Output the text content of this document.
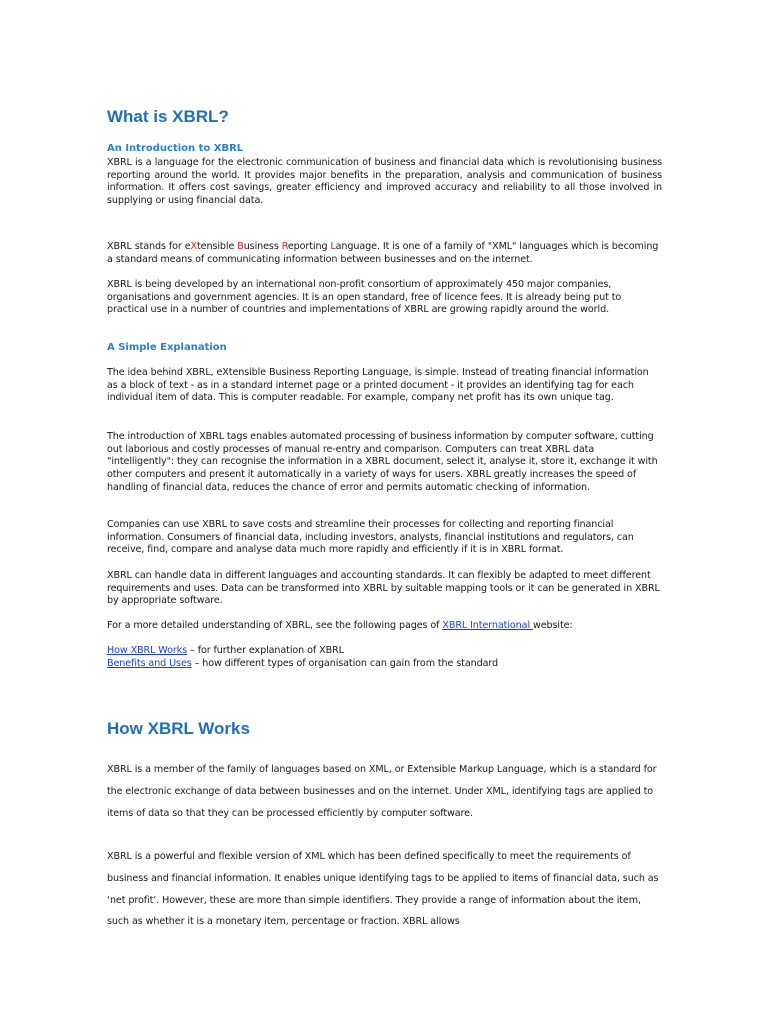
What is XBRL?
An Introduction to XBRL

XBRL is a language for the electronic communication of business and financial data which is revolutionising business reporting around the world. It provides major benefits in the preparation, analysis and communication of business information. It offers cost savings, greater efficiency and improved accuracy and reliability to all those involved in supplying or using financial data.

XBRL stands for eXtensible Business Reporting Language. It is one of a family of "XML" languages which is becoming a standard means of communicating information between businesses and on the internet.

XBRL is being developed by an international non-profit consortium of approximately 450 major companies, organisations and government agencies. It is an open standard, free of licence fees. It is already being put to practical use in a number of countries and implementations of XBRL are growing rapidly around the world.

A Simple Explanation

The idea behind XBRL, eXtensible Business Reporting Language, is simple. Instead of treating financial information as a block of text - as in a standard internet page or a printed document - it provides an identifying tag for each individual item of data. This is computer readable. For example, company net profit has its own unique tag.

The introduction of XBRL tags enables automated processing of business information by computer software, cutting out laborious and costly processes of manual re-entry and comparison. Computers can treat XBRL data "intelligently": they can recognise the information in a XBRL document, select it, analyse it, store it, exchange it with other computers and present it automatically in a variety of ways for users. XBRL greatly increases the speed of handling of financial data, reduces the chance of error and permits automatic checking of information.

Companies can use XBRL to save costs and streamline their processes for collecting and reporting financial information. Consumers of financial data, including investors, analysts, financial institutions and regulators, can receive, find, compare and analyse data much more rapidly and efficiently if it is in XBRL format.

XBRL can handle data in different languages and accounting standards. It can flexibly be adapted to meet different requirements and uses. Data can be transformed into XBRL by suitable mapping tools or it can be generated in XBRL by appropriate software.

For a more detailed understanding of XBRL, see the following pages of XBRL International website:

How XBRL Works – for further explanation of XBRL

Benefits and Uses – how different types of organisation can gain from the standard

How XBRL Works

XBRL is a member of the family of languages based on XML, or Extensible Markup Language, which is a standard for the electronic exchange of data between businesses and on the internet. Under XML, identifying tags are applied to items of data so that they can be processed efficiently by computer software.

XBRL is a powerful and flexible version of XML which has been defined specifically to meet the requirements of business and financial information. It enables unique identifying tags to be applied to items of financial data, such as ‘net profit’. However, these are more than simple identifiers. They provide a range of information about the item, such as whether it is a monetary item, percentage or fraction. XBRL allows
